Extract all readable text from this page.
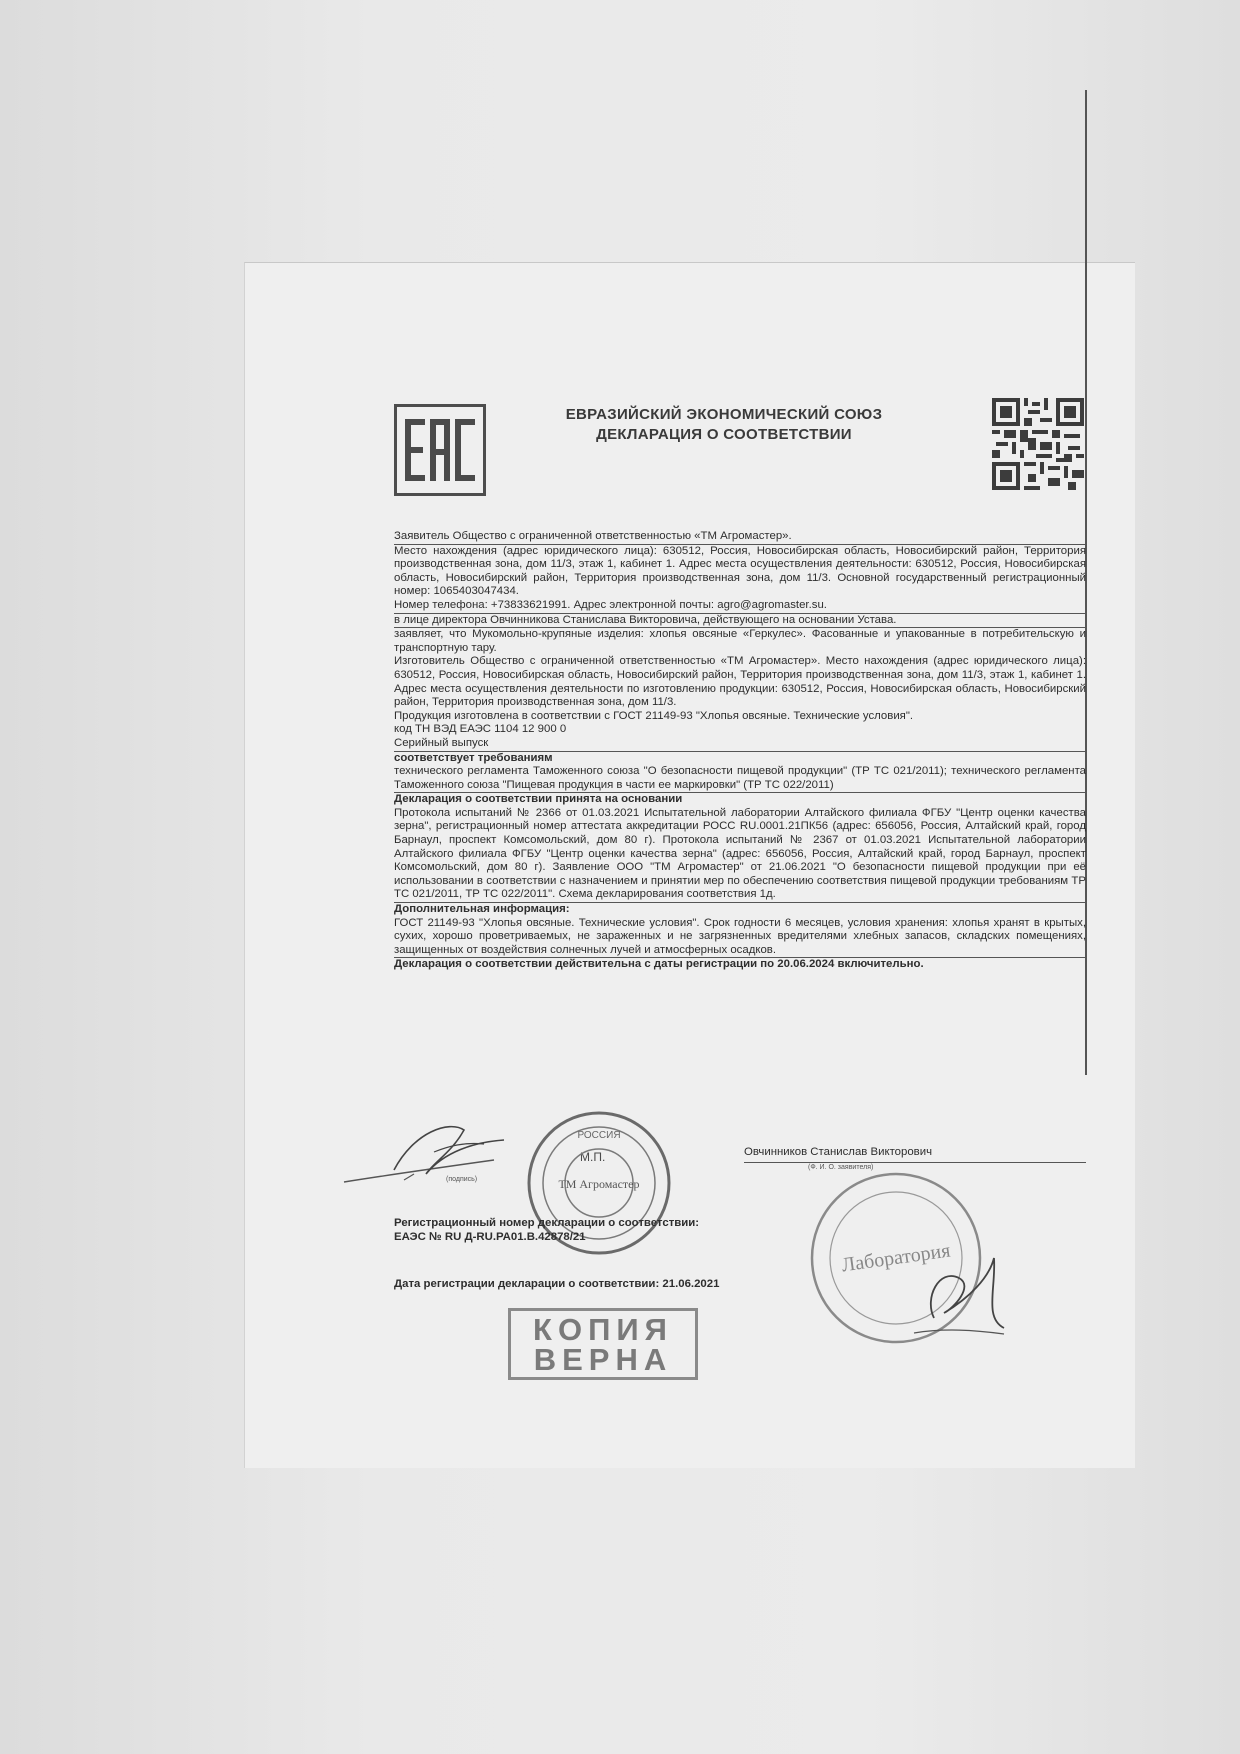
ЕВРАЗИЙСКИЙ ЭКОНОМИЧЕСКИЙ СОЮЗ
ДЕКЛАРАЦИЯ О СООТВЕТСТВИИ

Заявитель Общество с ограниченной ответственностью «ТМ Агромастер».

Место нахождения (адрес юридического лица): 630512, Россия, Новосибирская область, Новосибирский район, Территория производственная зона, дом 11/3, этаж 1, кабинет 1. Адрес места осуществления деятельности: 630512, Россия, Новосибирская область, Новосибирский район, Территория производственная зона, дом 11/3. Основной государственный регистрационный номер: 1065403047434.

Номер телефона: +73833621991. Адрес электронной почты: agro@agromaster.su.

в лице директора Овчинникова Станислава Викторовича, действующего на основании Устава.

заявляет, что Мукомольно-крупяные изделия: хлопья овсяные «Геркулес». Фасованные и упакованные в потребительскую и транспортную тару.

Изготовитель Общество с ограниченной ответственностью «ТМ Агромастер». Место нахождения (адрес юридического лица): 630512, Россия, Новосибирская область, Новосибирский район, Территория производственная зона, дом 11/3, этаж 1, кабинет 1. Адрес места осуществления деятельности по изготовлению продукции: 630512, Россия, Новосибирская область, Новосибирский район, Территория производственная зона, дом 11/3.

Продукция изготовлена в соответствии с ГОСТ 21149-93 "Хлопья овсяные. Технические условия".

код ТН ВЭД ЕАЭС 1104 12 900 0

Серийный выпуск

соответствует требованиям

технического регламента Таможенного союза "О безопасности пищевой продукции" (ТР ТС 021/2011); технического регламента Таможенного союза "Пищевая продукция в части ее маркировки" (ТР ТС 022/2011)

Декларация о соответствии принята на основании

Протокола испытаний № 2366 от 01.03.2021 Испытательной лаборатории Алтайского филиала ФГБУ "Центр оценки качества зерна", регистрационный номер аттестата аккредитации РОСС RU.0001.21ПК56 (адрес: 656056, Россия, Алтайский край, город Барнаул, проспект Комсомольский, дом 80 г). Протокола испытаний № 2367 от 01.03.2021 Испытательной лаборатории Алтайского филиала ФГБУ "Центр оценки качества зерна" (адрес: 656056, Россия, Алтайский край, город Барнаул, проспект Комсомольский, дом 80 г). Заявление ООО "ТМ Агромастер" от 21.06.2021 "О безопасности пищевой продукции при её использовании в соответствии с назначением и принятии мер по обеспечению соответствия пищевой продукции требованиям ТР ТС 021/2011, ТР ТС 022/2011". Схема декларирования соответствия 1д.

Дополнительная информация:

ГОСТ 21149-93 "Хлопья овсяные. Технические условия". Срок годности 6 месяцев, условия хранения: хлопья хранят в крытых, сухих, хорошо проветриваемых, не зараженных и не загрязненных вредителями хлебных запасов, складских помещениях, защищенных от воздействия солнечных лучей и атмосферных осадков.

Декларация о соответствии действительна с даты регистрации по 20.06.2024 включительно.

(подпись)
М.П.	Овчинников Станислав Викторович
(Ф. И. О. заявителя)
РОССИЯ
ТМ Агромастер
Регистрационный номер декларации о соответствии:
ЕАЭС № RU Д-RU.РА01.В.42878/21
Дата регистрации декларации о соответствии: 21.06.2021
Лаборатория
КОПИЯ
ВЕРНА
